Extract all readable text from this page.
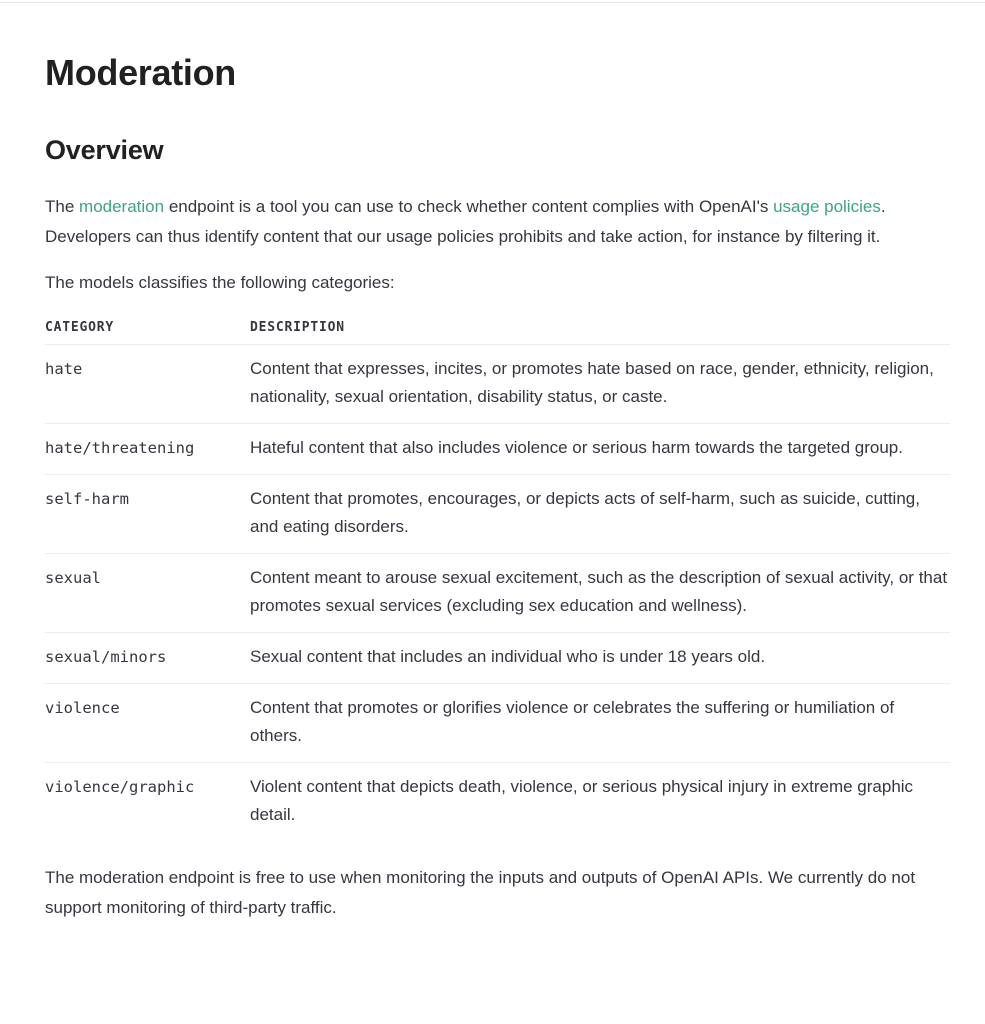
Moderation
Overview

The moderation endpoint is a tool you can use to check whether content complies with OpenAI's usage policies. Developers can thus identify content that our usage policies prohibits and take action, for instance by filtering it.

The models classifies the following categories:

CATEGORY	DESCRIPTION
hate	Content that expresses, incites, or promotes hate based on race, gender, ethnicity, religion, nationality, sexual orientation, disability status, or caste.
hate/threatening	Hateful content that also includes violence or serious harm towards the targeted group.
self-harm	Content that promotes, encourages, or depicts acts of self-harm, such as suicide, cutting, and eating disorders.
sexual	Content meant to arouse sexual excitement, such as the description of sexual activity, or that promotes sexual services (excluding sex education and wellness).
sexual/minors	Sexual content that includes an individual who is under 18 years old.
violence	Content that promotes or glorifies violence or celebrates the suffering or humiliation of others.
violence/graphic	Violent content that depicts death, violence, or serious physical injury in extreme graphic detail.

The moderation endpoint is free to use when monitoring the inputs and outputs of OpenAI APIs. We currently do not support monitoring of third-party traffic.
